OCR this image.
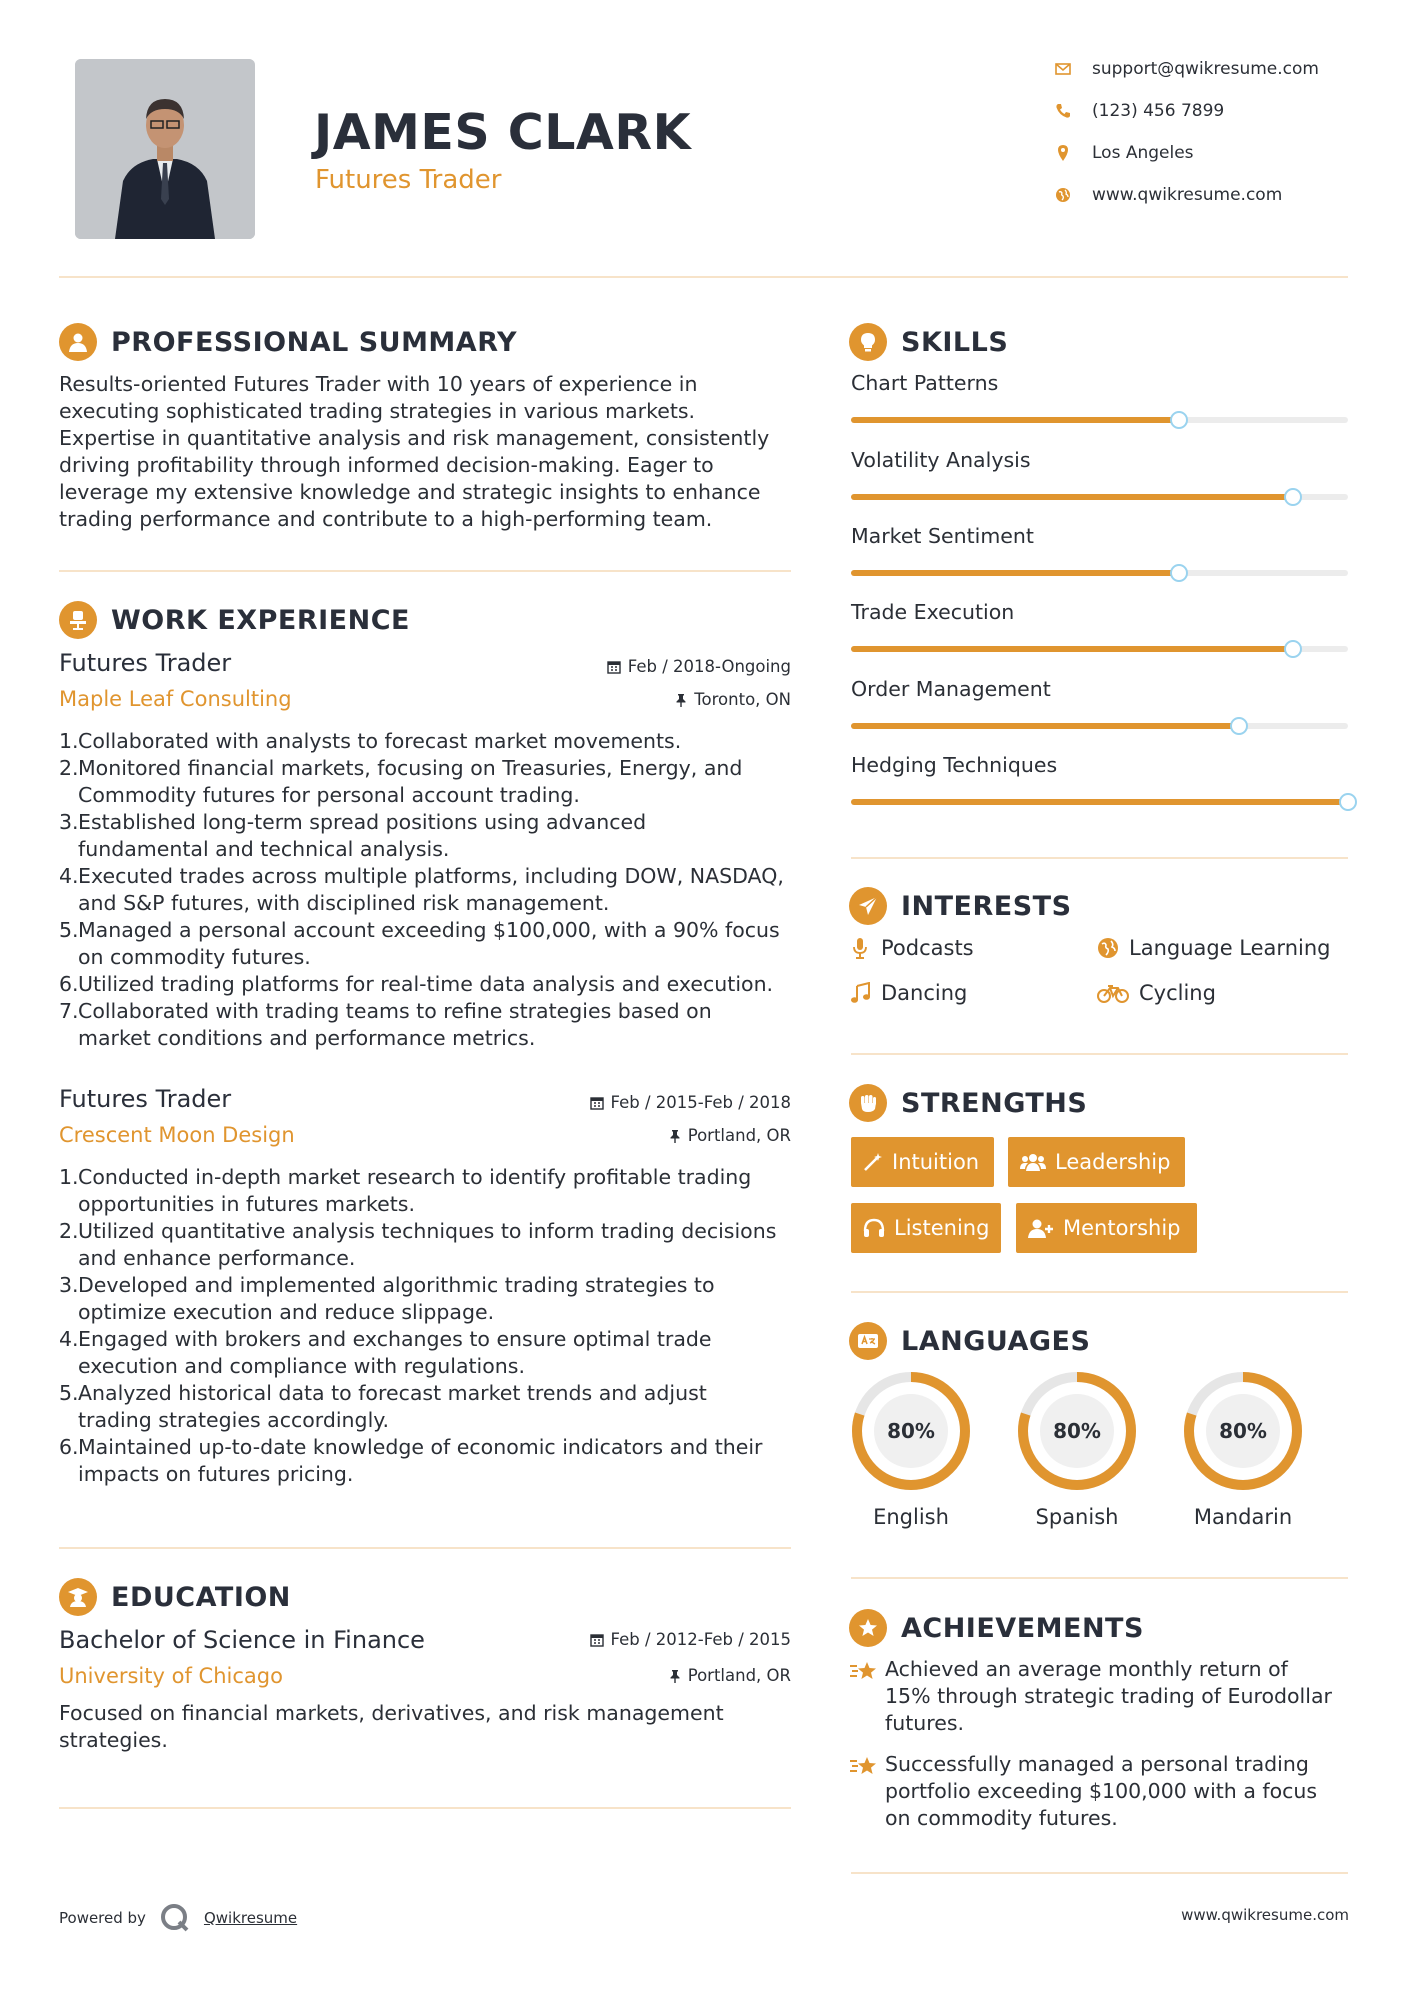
JAMES CLARK
Futures Trader
support@qwikresume.com
(123) 456 7899
Los Angeles
www.qwikresume.com
PROFESSIONAL SUMMARY
Results-oriented Futures Trader with 10 years of experience in
executing sophisticated trading strategies in various markets.
Expertise in quantitative analysis and risk management, consistently
driving profitability through informed decision-making. Eager to
leverage my extensive knowledge and strategic insights to enhance
trading performance and contribute to a high-performing team.
WORK EXPERIENCE
Futures Trader	Feb / 2018-Ongoing
Maple Leaf Consulting	Toronto, ON
1. Collaborated with analysts to forecast market movements.
2. Monitored financial markets, focusing on Treasuries, Energy, and
Commodity futures for personal account trading.
3. Established long-term spread positions using advanced
fundamental and technical analysis.
4. Executed trades across multiple platforms, including DOW, NASDAQ,
and S&P futures, with disciplined risk management.
5. Managed a personal account exceeding $100,000, with a 90% focus
on commodity futures.
6. Utilized trading platforms for real-time data analysis and execution.
7. Collaborated with trading teams to refine strategies based on
market conditions and performance metrics.
Futures Trader	Feb / 2015-Feb / 2018
Crescent Moon Design	Portland, OR
1. Conducted in-depth market research to identify profitable trading
opportunities in futures markets.
2. Utilized quantitative analysis techniques to inform trading decisions
and enhance performance.
3. Developed and implemented algorithmic trading strategies to
optimize execution and reduce slippage.
4. Engaged with brokers and exchanges to ensure optimal trade
execution and compliance with regulations.
5. Analyzed historical data to forecast market trends and adjust
trading strategies accordingly.
6. Maintained up-to-date knowledge of economic indicators and their
impacts on futures pricing.
EDUCATION
Bachelor of Science in Finance	Feb / 2012-Feb / 2015
University of Chicago	Portland, OR
Focused on financial markets, derivatives, and risk management
strategies.
SKILLS
Chart Patterns
Volatility Analysis
Market Sentiment
Trade Execution
Order Management
Hedging Techniques
INTERESTS
Podcasts	Language Learning
Dancing	Cycling
STRENGTHS
Intuition	Leadership
Listening	Mentorship
LANGUAGES
80%
English
80%
Spanish
80%
Mandarin
ACHIEVEMENTS
Achieved an average monthly return of
15% through strategic trading of Eurodollar
futures.
Successfully managed a personal trading
portfolio exceeding $100,000 with a focus
on commodity futures.
Powered by	Qwikresume	www.qwikresume.com
